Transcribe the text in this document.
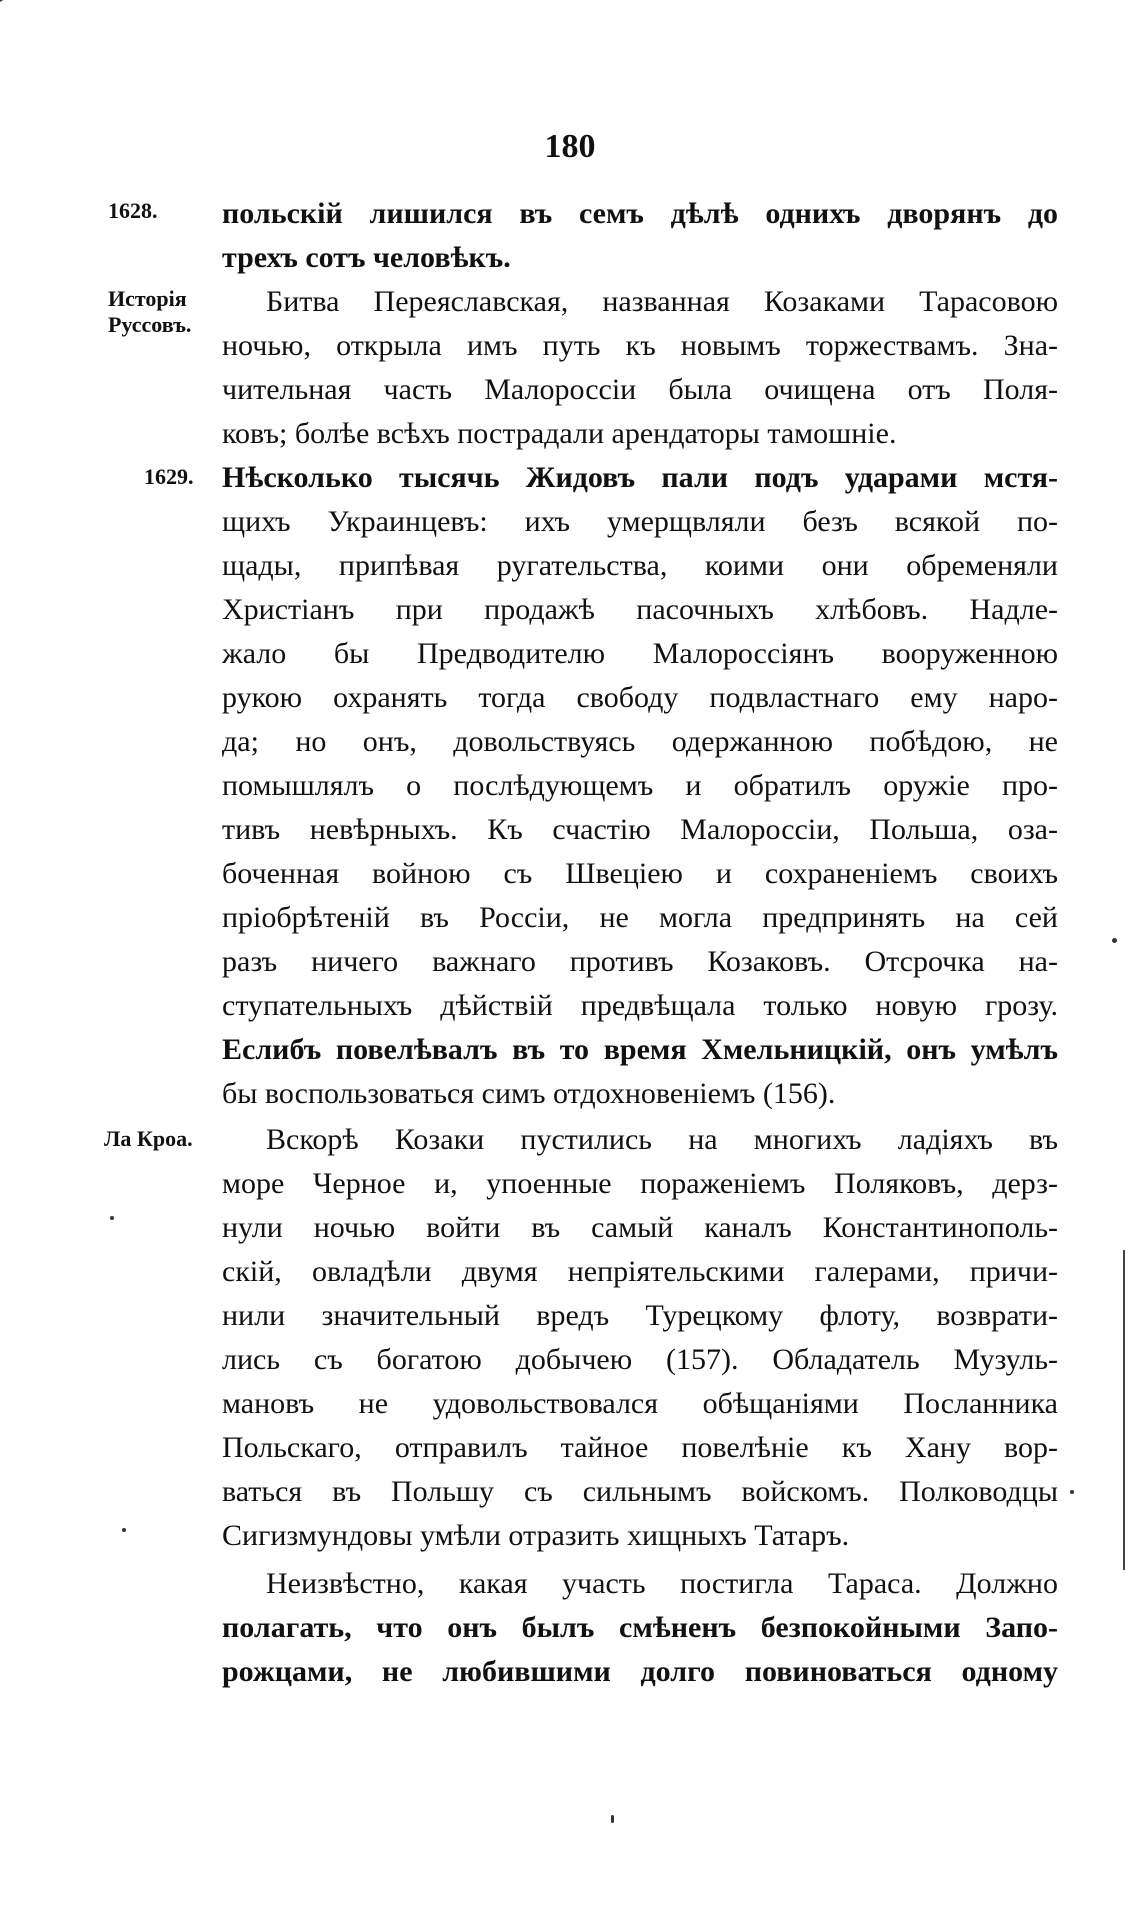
180
1628.
Исторія Руссовъ.
1629.
Ла Кроа.
польскій лишился въ семъ дѣлѣ однихъ дворянъ до
трехъ сотъ человѣкъ.
Битва Переяславская, названная Козаками Тарасовою
ночью, открыла имъ путь къ новымъ торжествамъ. Зна-
чительная часть Малороссіи была очищена отъ Поля-
ковъ; болѣе всѣхъ пострадали арендаторы тамошніе.
Нѣсколько тысячь Жидовъ пали подъ ударами мстя-
щихъ Украинцевъ: ихъ умерщвляли безъ всякой по-
щады, припѣвая ругательства, коими они обременяли
Христіанъ при продажѣ пасочныхъ хлѣбовъ. Надле-
жало бы Предводителю Малороссіянъ вооруженною
рукою охранять тогда свободу подвластнаго ему наро-
да; но онъ, довольствуясь одержанною побѣдою, не
помышлялъ о послѣдующемъ и обратилъ оружіе про-
тивъ невѣрныхъ. Къ счастію Малороссіи, Польша, оза-
боченная войною съ Швеціею и сохраненіемъ своихъ
пріобрѣтеній въ Россіи, не могла предпринять на сей
разъ ничего важнаго противъ Козаковъ. Отсрочка на-
ступательныхъ дѣйствій предвѣщала только новую грозу.
Еслибъ повелѣвалъ въ то время Хмельницкій, онъ умѣлъ
бы воспользоваться симъ отдохновеніемъ (156).
Вскорѣ Козаки пустились на многихъ ладіяхъ въ
море Черное и, упоенные пораженіемъ Поляковъ, дерз-
нули ночью войти въ самый каналъ Константинополь-
скій, овладѣли двумя непріятельскими галерами, причи-
нили значительный вредъ Турецкому флоту, возврати-
лись съ богатою добычею (157). Обладатель Музуль-
мановъ не удовольствовался обѣщаніями Посланника
Польскаго, отправилъ тайное повелѣніе къ Хану вор-
ваться въ Польшу съ сильнымъ войскомъ. Полководцы
Сигизмундовы умѣли отразить хищныхъ Татаръ.
Неизвѣстно, какая участь постигла Тараса. Должно
полагать, что онъ былъ смѣненъ безпокойными Запо-
рожцами, не любившими долго повиноваться одному
